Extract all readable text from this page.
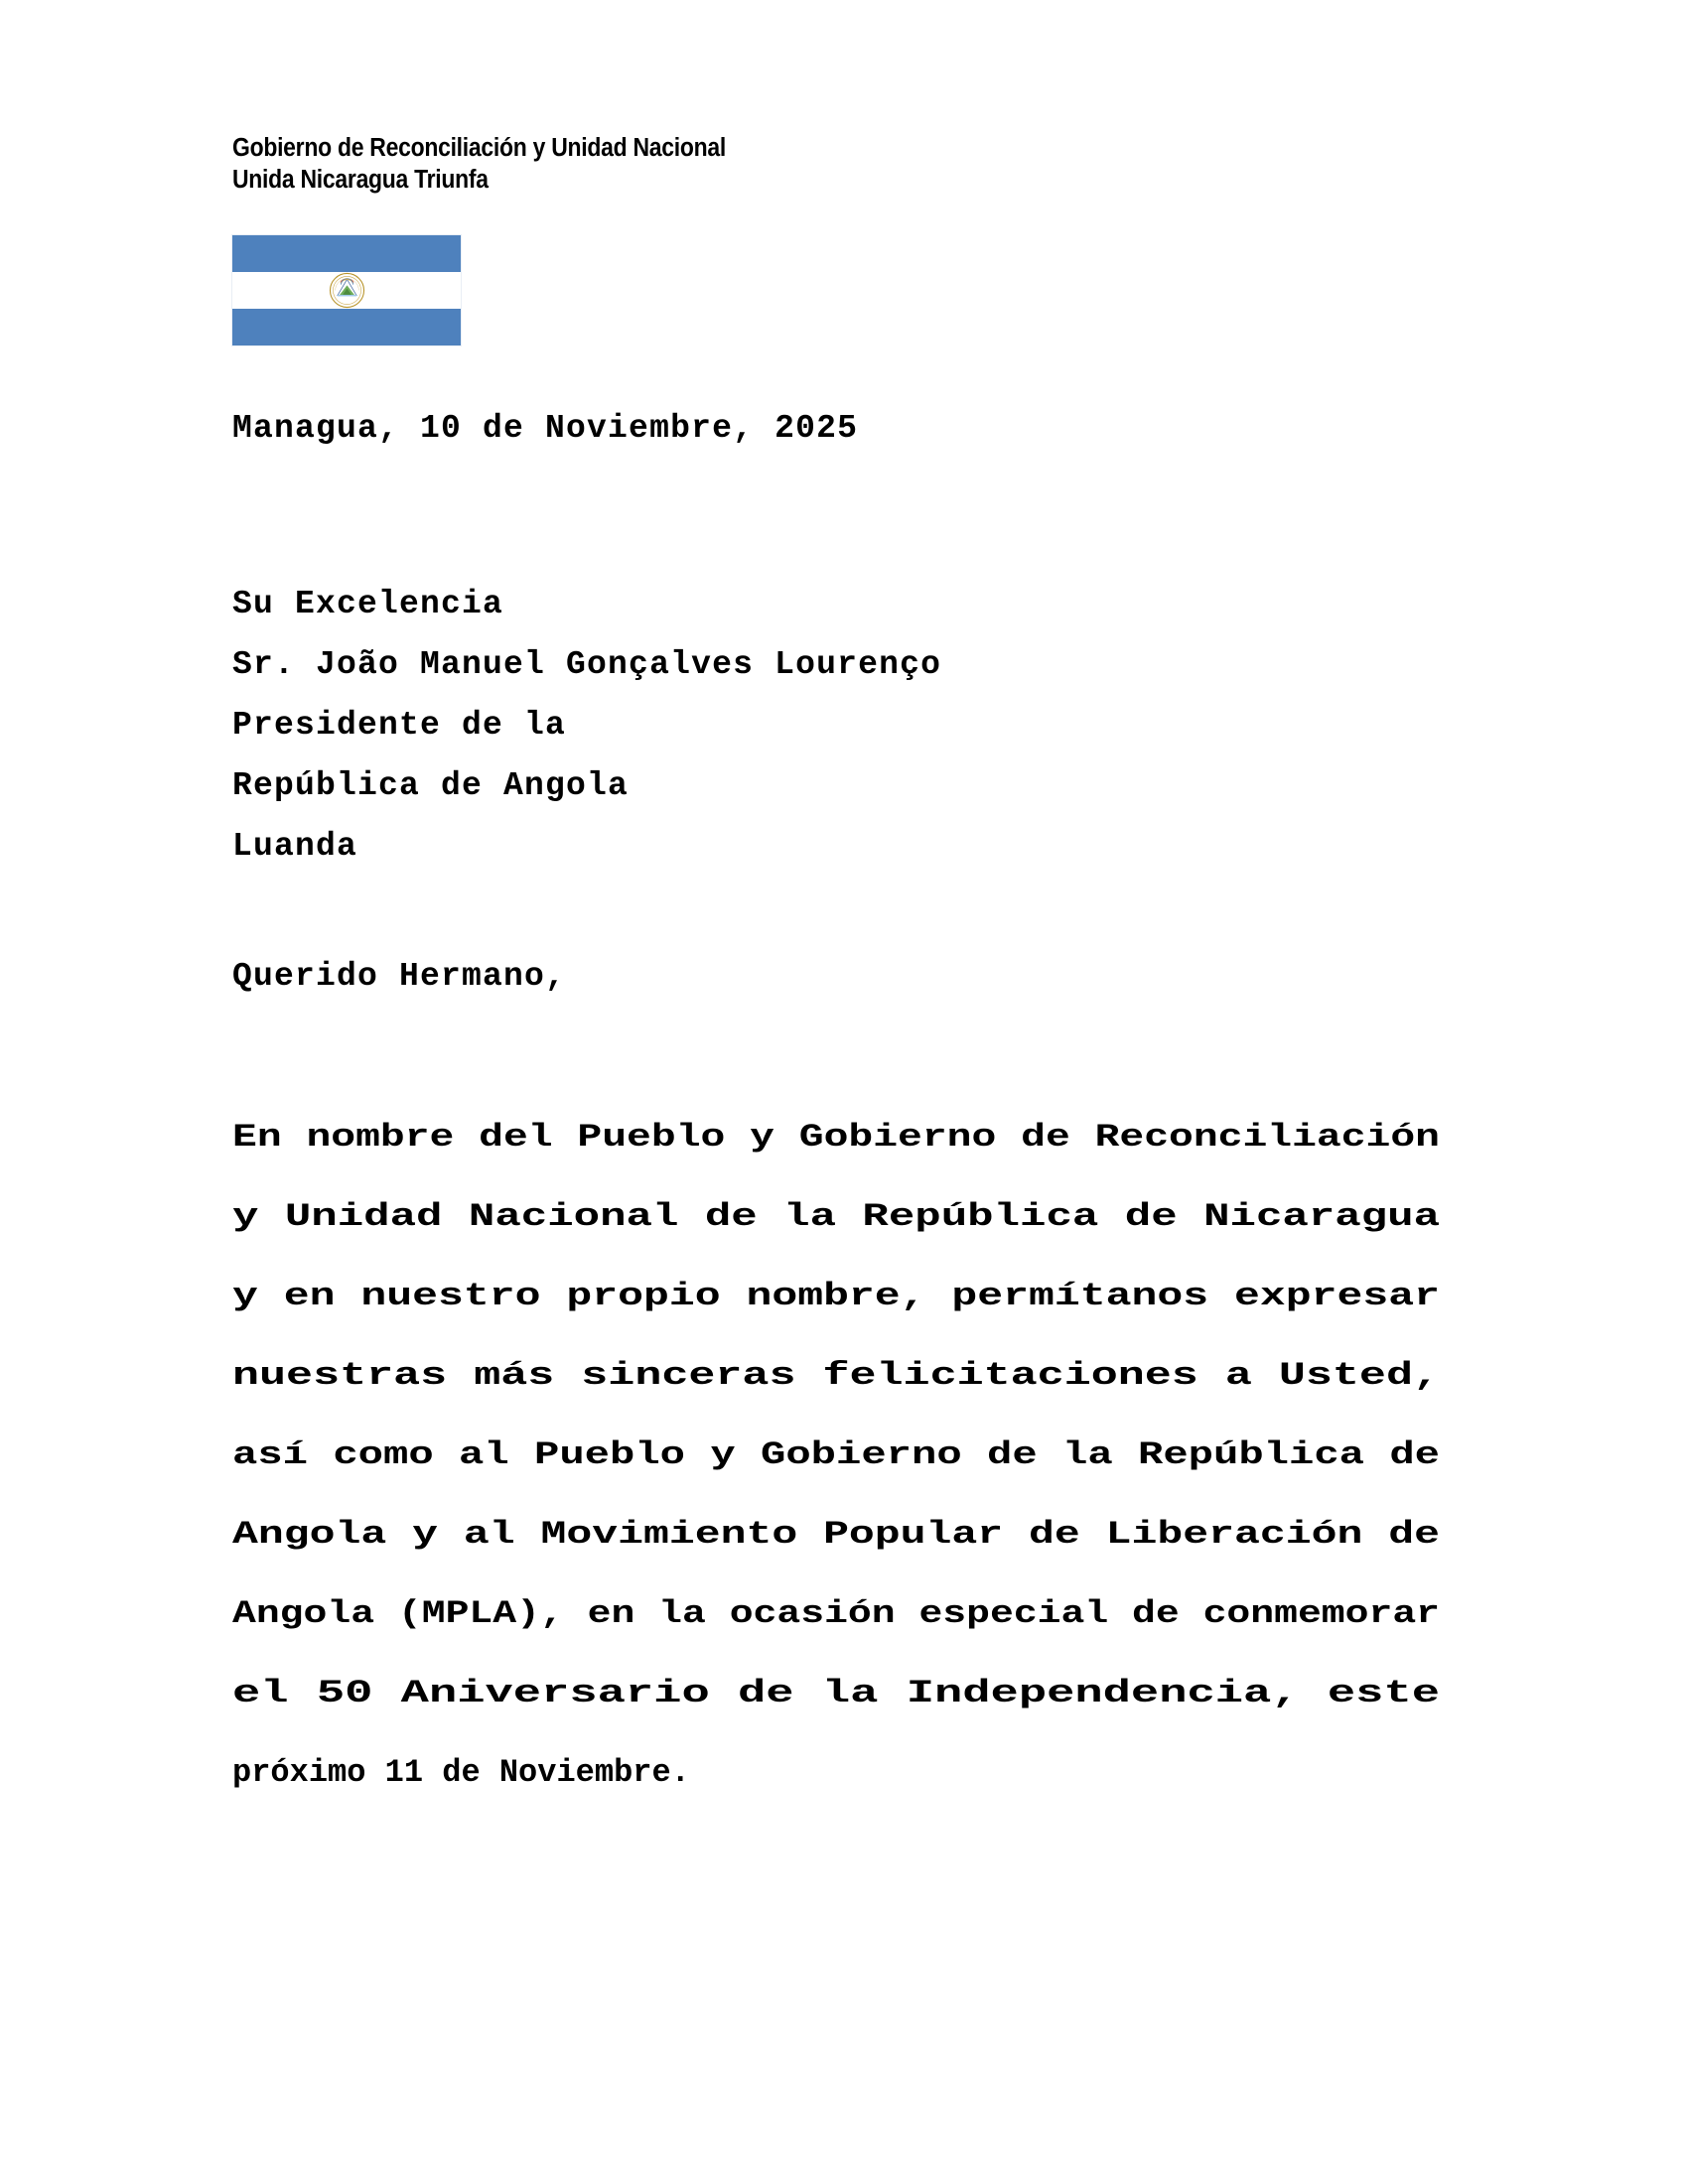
Gobierno de Reconciliación y Unidad Nacional
Unida Nicaragua Triunfa
Managua, 10 de Noviembre, 2025
Su Excelencia
Sr. João Manuel Gonçalves Lourenço
Presidente de la
República de Angola
Luanda
Querido Hermano,
En nombre del Pueblo y Gobierno de Reconciliación
y Unidad Nacional de la República de Nicaragua
y en nuestro propio nombre, permítanos expresar
nuestras más sinceras felicitaciones a Usted,
así como al Pueblo y Gobierno de la República de
Angola y al Movimiento Popular de Liberación de
Angola (MPLA), en la ocasión especial de conmemorar
el 50 Aniversario de la Independencia, este
próximo 11 de Noviembre.
